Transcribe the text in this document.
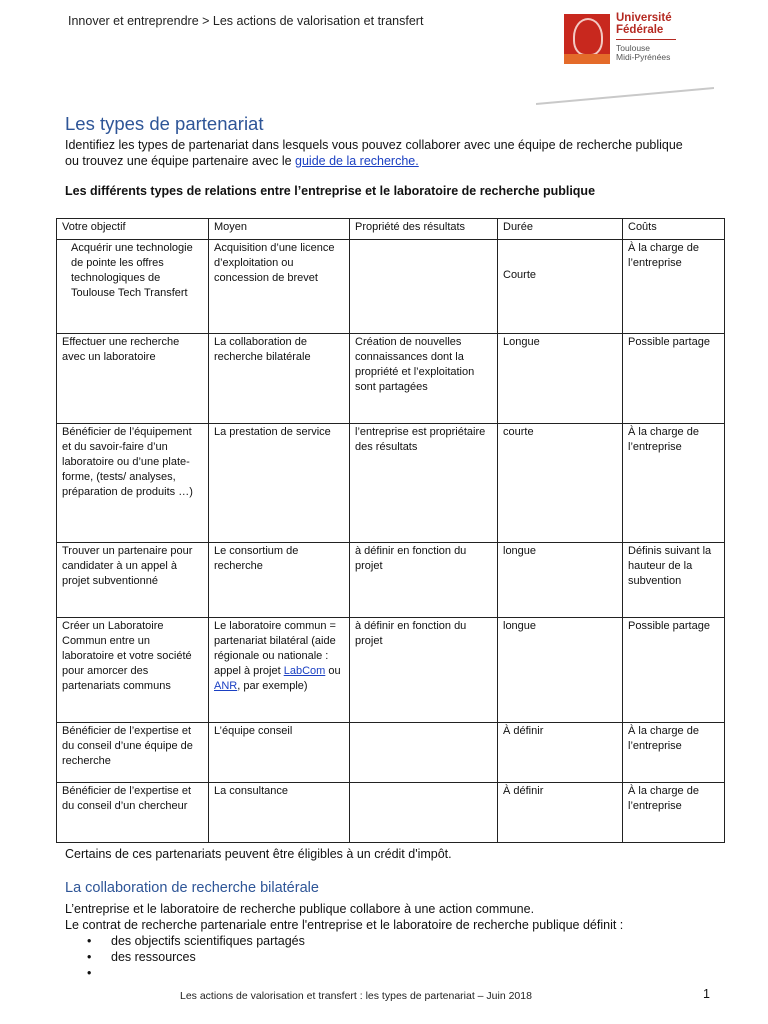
Innover et entreprendre > Les actions de valorisation et transfert	Université
Fédérale
Toulouse
Midi-Pyrénées
Les types de partenariat
Identifiez les types de partenariat dans lesquels vous pouvez collaborer avec une équipe de recherche publique ou trouvez une équipe partenaire avec le guide de la recherche.
Les différents types de relations entre l’entreprise et le laboratoire de recherche publique
Votre objectif	Moyen	Propriété des résultats	Durée	Coûts
Acquérir une technologie de pointe les offres technologiques de Toulouse Tech Transfert	Acquisition d’une licence d’exploitation ou concession de brevet		Courte	À la charge de l’entreprise
Effectuer une recherche avec un laboratoire	La collaboration de recherche bilatérale	Création de nouvelles connaissances dont la propriété et l’exploitation sont partagées	Longue	Possible partage
Bénéficier de l’équipement et du savoir-faire d’un laboratoire ou d’une plate-forme, (tests/ analyses, préparation de produits …)	La prestation de service	l’entreprise est propriétaire des résultats	courte	À la charge de l’entreprise
Trouver un partenaire pour candidater à un appel à projet subventionné	Le consortium de recherche	à définir en fonction du projet	longue	Définis suivant la hauteur de la subvention
Créer un Laboratoire Commun entre un laboratoire et votre société pour amorcer des partenariats communs	Le laboratoire commun = partenariat bilatéral (aide régionale ou nationale : appel à projet LabCom ou ANR, par exemple)	à définir en fonction du projet	longue	Possible partage
Bénéficier de l’expertise et du conseil d’une équipe de recherche	L’équipe conseil		À définir	À la charge de l’entreprise
Bénéficier de l’expertise et du conseil d’un chercheur	La consultance		À définir	À la charge de l’entreprise
Certains de ces partenariats peuvent être éligibles à un crédit d'impôt.
La collaboration de recherche bilatérale
L’entreprise et le laboratoire de recherche publique collabore à une action commune.
Le contrat de recherche partenariale entre l'entreprise et le laboratoire de recherche publique définit :
• des objectifs scientifiques partagés
• des ressources
•
Les actions de valorisation et transfert : les types de partenariat – Juin 2018	1
